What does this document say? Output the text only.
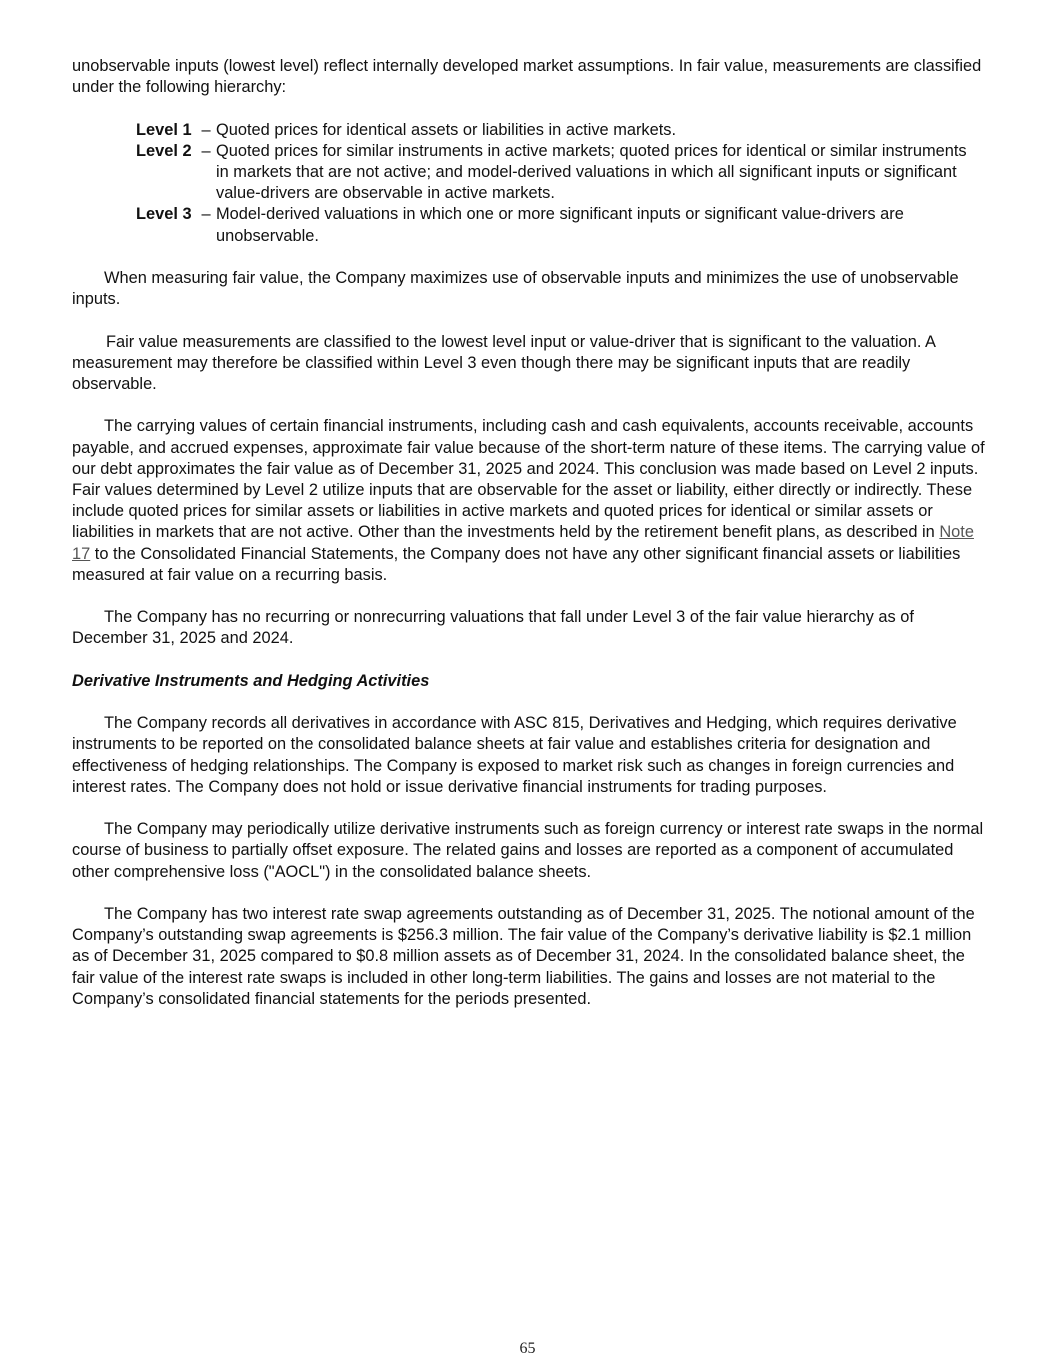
unobservable inputs (lowest level) reflect internally developed market assumptions. In fair value, measurements are classified under the following hierarchy:

Level 1 – Quoted prices for identical assets or liabilities in active markets.
Level 2 – Quoted prices for similar instruments in active markets; quoted prices for identical or similar instruments in markets that are not active; and model-derived valuations in which all significant inputs or significant value-drivers are observable in active markets.
Level 3 – Model-derived valuations in which one or more significant inputs or significant value-drivers are unobservable.

When measuring fair value, the Company maximizes use of observable inputs and minimizes the use of unobservable inputs.

Fair value measurements are classified to the lowest level input or value-driver that is significant to the valuation. A measurement may therefore be classified within Level 3 even though there may be significant inputs that are readily observable.

The carrying values of certain financial instruments, including cash and cash equivalents, accounts receivable, accounts payable, and accrued expenses, approximate fair value because of the short-term nature of these items. The carrying value of our debt approximates the fair value as of December 31, 2025 and 2024. This conclusion was made based on Level 2 inputs. Fair values determined by Level 2 utilize inputs that are observable for the asset or liability, either directly or indirectly. These include quoted prices for similar assets or liabilities in active markets and quoted prices for identical or similar assets or liabilities in markets that are not active. Other than the investments held by the retirement benefit plans, as described in Note 17 to the Consolidated Financial Statements, the Company does not have any other significant financial assets or liabilities measured at fair value on a recurring basis.

The Company has no recurring or nonrecurring valuations that fall under Level 3 of the fair value hierarchy as of December 31, 2025 and 2024.

Derivative Instruments and Hedging Activities

The Company records all derivatives in accordance with ASC 815, Derivatives and Hedging, which requires derivative instruments to be reported on the consolidated balance sheets at fair value and establishes criteria for designation and effectiveness of hedging relationships. The Company is exposed to market risk such as changes in foreign currencies and interest rates. The Company does not hold or issue derivative financial instruments for trading purposes.

The Company may periodically utilize derivative instruments such as foreign currency or interest rate swaps in the normal course of business to partially offset exposure. The related gains and losses are reported as a component of accumulated other comprehensive loss ("AOCL") in the consolidated balance sheets.

The Company has two interest rate swap agreements outstanding as of December 31, 2025. The notional amount of the Company’s outstanding swap agreements is $256.3 million. The fair value of the Company’s derivative liability is $2.1 million as of December 31, 2025 compared to $0.8 million assets as of December 31, 2024. In the consolidated balance sheet, the fair value of the interest rate swaps is included in other long-term liabilities. The gains and losses are not material to the Company’s consolidated financial statements for the periods presented.

65
